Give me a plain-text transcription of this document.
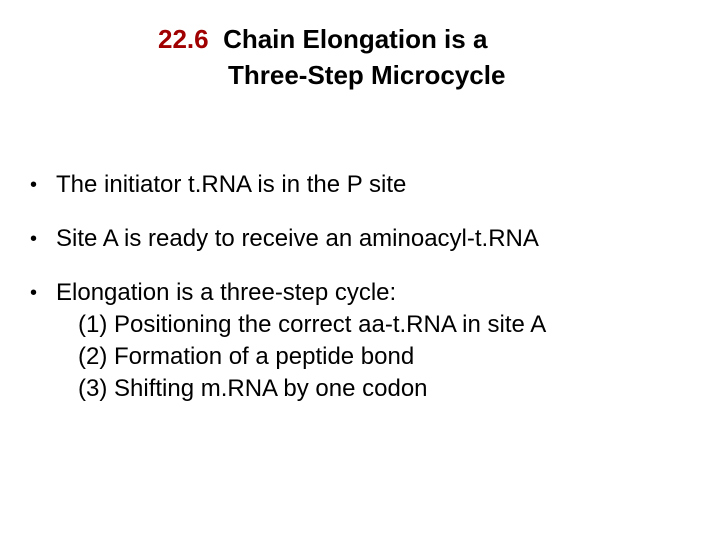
22.6 Chain Elongation is a
Three-Step Microcycle
• The initiator t.RNA is in the P site
• Site A is ready to receive an aminoacyl-t.RNA
• Elongation is a three-step cycle:
(1) Positioning the correct aa-t.RNA in site A
(2) Formation of a peptide bond
(3) Shifting m.RNA by one codon
